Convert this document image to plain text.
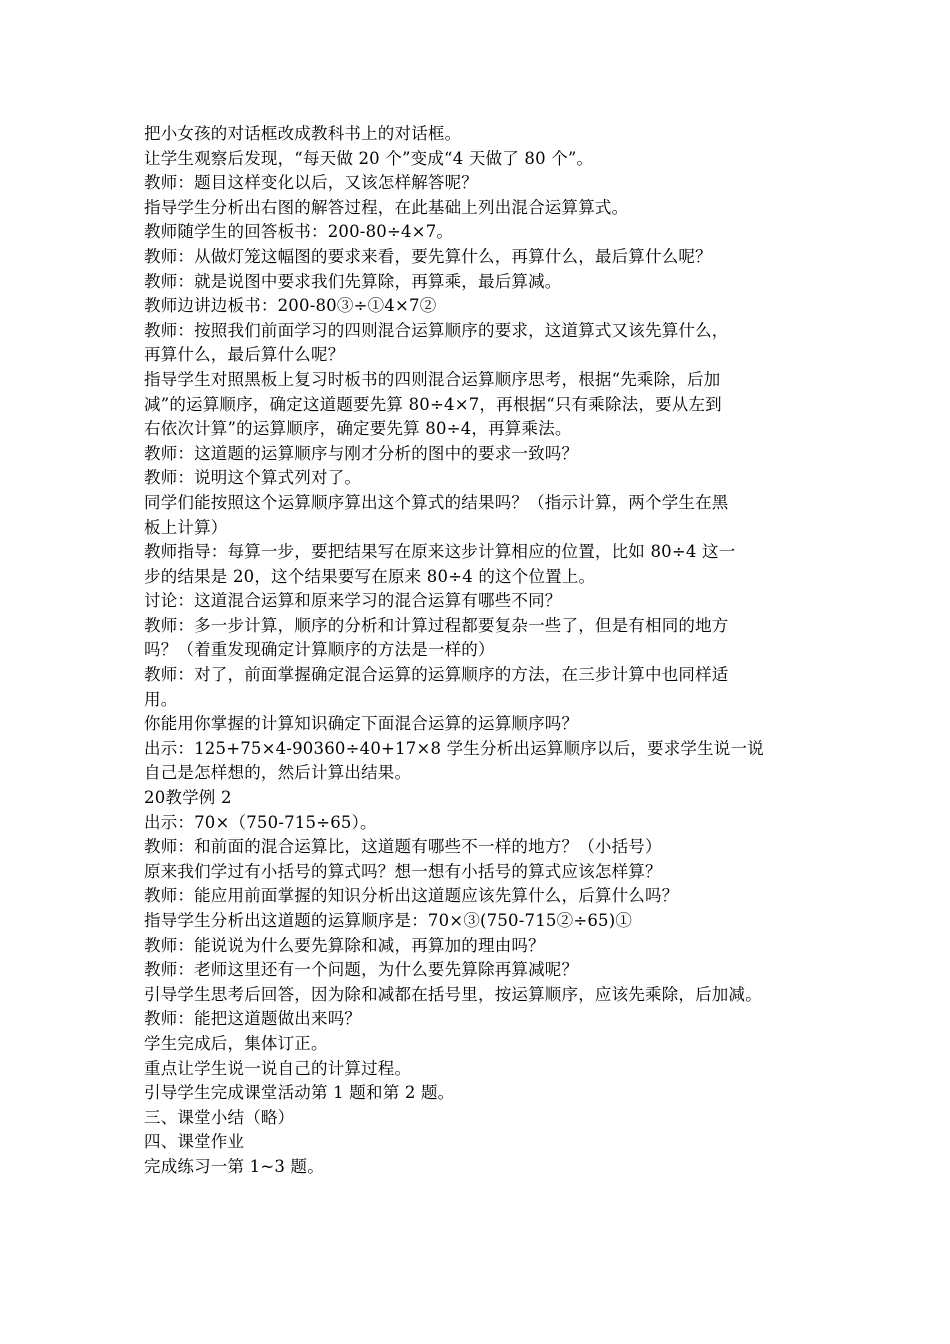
把小女孩的对话框改成教科书上的对话框。
让学生观察后发现，“每天做 20 个”变成“4 天做了 80 个”。
教师：题目这样变化以后，又该怎样解答呢？
指导学生分析出右图的解答过程，在此基础上列出混合运算算式。
教师随学生的回答板书：200-80÷4×7。
教师：从做灯笼这幅图的要求来看，要先算什么，再算什么，最后算什么呢？
教师：就是说图中要求我们先算除，再算乘，最后算减。
教师边讲边板书：200-80③÷①4×7②
教师：按照我们前面学习的四则混合运算顺序的要求，这道算式又该先算什么，
再算什么，最后算什么呢？
指导学生对照黑板上复习时板书的四则混合运算顺序思考，根据“先乘除，后加
减”的运算顺序，确定这道题要先算 80÷4×7，再根据“只有乘除法，要从左到
右依次计算”的运算顺序，确定要先算 80÷4，再算乘法。
教师：这道题的运算顺序与刚才分析的图中的要求一致吗？
教师：说明这个算式列对了。
同学们能按照这个运算顺序算出这个算式的结果吗？（指示计算，两个学生在黑
板上计算）
教师指导：每算一步，要把结果写在原来这步计算相应的位置，比如 80÷4 这一
步的结果是 20，这个结果要写在原来 80÷4 的这个位置上。
讨论：这道混合运算和原来学习的混合运算有哪些不同？
教师：多一步计算，顺序的分析和计算过程都要复杂一些了，但是有相同的地方
吗？（着重发现确定计算顺序的方法是一样的）
教师：对了，前面掌握确定混合运算的运算顺序的方法，在三步计算中也同样适
用。
你能用你掌握的计算知识确定下面混合运算的运算顺序吗？
出示：125+75×4-90360÷40+17×8 学生分析出运算顺序以后，要求学生说一说
自己是怎样想的，然后计算出结果。
20教学例 2
出示：70×（750-715÷65）。
教师：和前面的混合运算比，这道题有哪些不一样的地方？（小括号）
原来我们学过有小括号的算式吗？想一想有小括号的算式应该怎样算？
教师：能应用前面掌握的知识分析出这道题应该先算什么，后算什么吗？
指导学生分析出这道题的运算顺序是：70×③(750-715②÷65)①
教师：能说说为什么要先算除和减，再算加的理由吗？
教师：老师这里还有一个问题，为什么要先算除再算减呢？
引导学生思考后回答，因为除和减都在括号里，按运算顺序，应该先乘除，后加减。
教师：能把这道题做出来吗？
学生完成后，集体订正。
重点让学生说一说自己的计算过程。
引导学生完成课堂活动第 1 题和第 2 题。
三、课堂小结（略）
四、课堂作业
完成练习一第 1~3 题。
